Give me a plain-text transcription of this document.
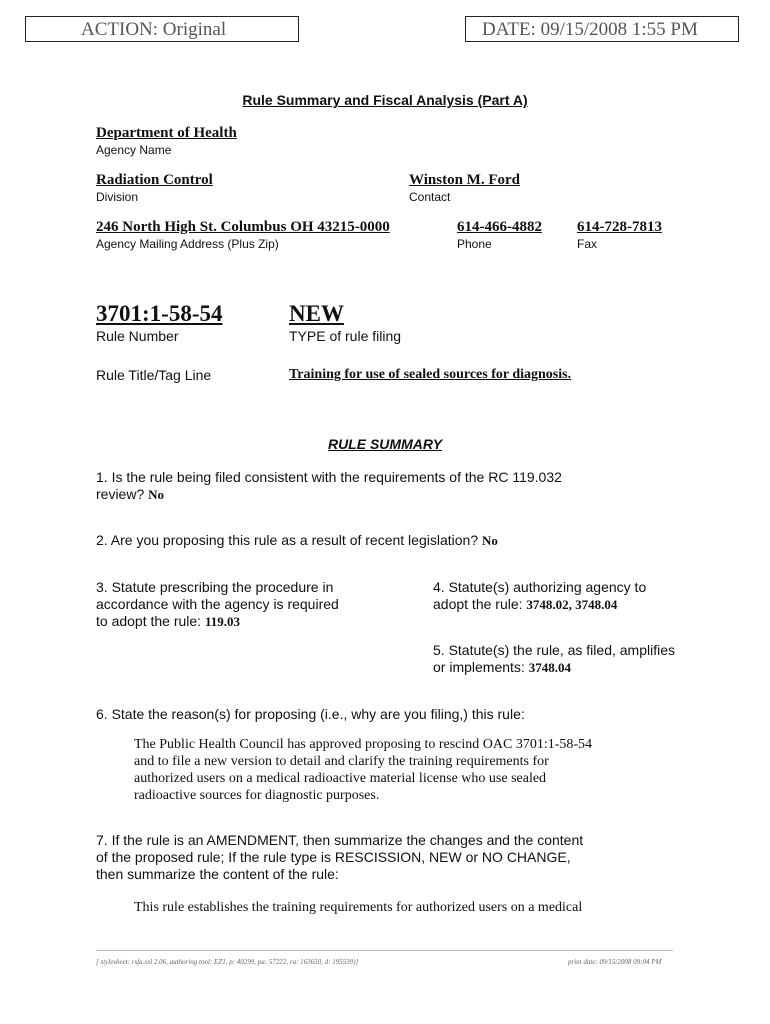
ACTION: Original	DATE: 09/15/2008 1:55 PM
Rule Summary and Fiscal Analysis (Part A)
Department of Health
Agency Name
Radiation Control
Division
Winston M. Ford
Contact
246 North High St. Columbus OH 43215-0000
Agency Mailing Address (Plus Zip)
614-466-4882
Phone
614-728-7813
Fax
3701:1-58-54
Rule Number
NEW
TYPE of rule filing
Rule Title/Tag Line	Training for use of sealed sources for diagnosis.
RULE SUMMARY
1. Is the rule being filed consistent with the requirements of the RC 119.032
review? No
2. Are you proposing this rule as a result of recent legislation? No
3. Statute prescribing the procedure in
accordance with the agency is required
to adopt the rule: 119.03
4. Statute(s) authorizing agency to
adopt the rule: 3748.02, 3748.04
5. Statute(s) the rule, as filed, amplifies
or implements: 3748.04
6. State the reason(s) for proposing (i.e., why are you filing,) this rule:
The Public Health Council has approved proposing to rescind OAC 3701:1-58-54
and to file a new version to detail and clarify the training requirements for
authorized users on a medical radioactive material license who use sealed
radioactive sources for diagnostic purposes.
7. If the rule is an AMENDMENT, then summarize the changes and the content
of the proposed rule; If the rule type is RESCISSION, NEW or NO CHANGE,
then summarize the content of the rule:
This rule establishes the training requirements for authorized users on a medical
[ stylesheet: rsfa.xsl 2.06, authoring tool: EZ1, p: 40299, pa: 57222, ra: 163650, d: 195539)]	print date: 09/15/2008 09:04 PM
